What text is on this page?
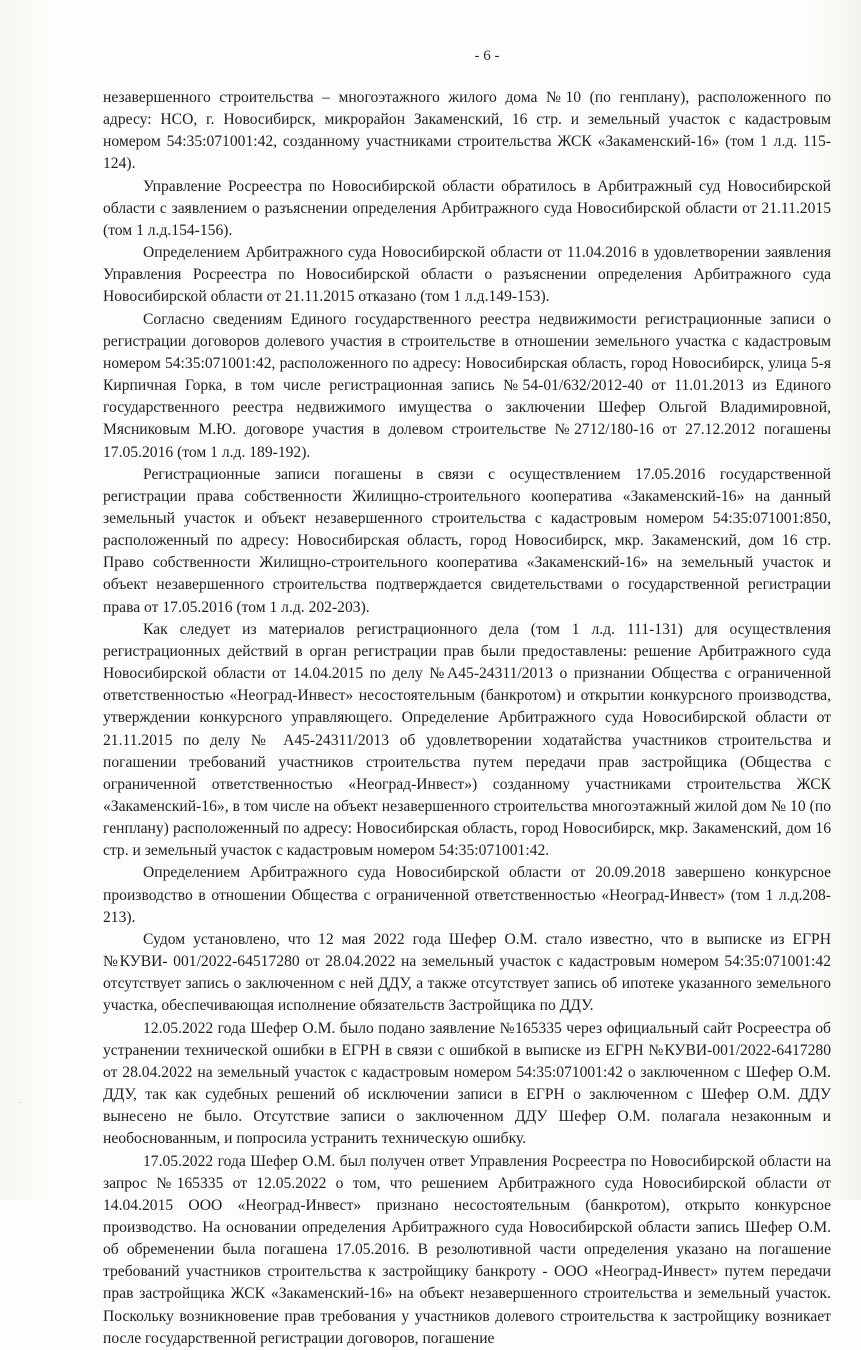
- 6 -

незавершенного строительства – многоэтажного жилого дома №10 (по генплану), расположенного по адресу: НСО, г. Новосибирск, микрорайон Закаменский, 16 стр. и земельный участок с кадастровым номером 54:35:071001:42, созданному участниками строительства ЖСК «Закаменский-16» (том 1 л.д. 115-124).

Управление Росреестра по Новосибирской области обратилось в Арбитражный суд Новосибирской области с заявлением о разъяснении определения Арбитражного суда Новосибирской области от 21.11.2015 (том 1 л.д.154-156).

Определением Арбитражного суда Новосибирской области от 11.04.2016 в удовлетворении заявления Управления Росреестра по Новосибирской области о разъяснении определения Арбитражного суда Новосибирской области от 21.11.2015 отказано (том 1 л.д.149-153).

Согласно сведениям Единого государственного реестра недвижимости регистрационные записи о регистрации договоров долевого участия в строительстве в отношении земельного участка с кадастровым номером 54:35:071001:42, расположенного по адресу: Новосибирская область, город Новосибирск, улица 5-я Кирпичная Горка, в том числе регистрационная запись №54-01/632/2012-40 от 11.01.2013 из Единого государственного реестра недвижимого имущества о заключении Шефер Ольгой Владимировной, Мясниковым М.Ю. договоре участия в долевом строительстве №2712/180-16 от 27.12.2012 погашены 17.05.2016 (том 1 л.д. 189-192).

Регистрационные записи погашены в связи с осуществлением 17.05.2016 государственной регистрации права собственности Жилищно-строительного кооператива «Закаменский-16» на данный земельный участок и объект незавершенного строительства с кадастровым номером 54:35:071001:850, расположенный по адресу: Новосибирская область, город Новосибирск, мкр. Закаменский, дом 16 стр. Право собственности Жилищно-строительного кооператива «Закаменский-16» на земельный участок и объект незавершенного строительства подтверждается свидетельствами о государственной регистрации права от 17.05.2016 (том 1 л.д. 202-203).

Как следует из материалов регистрационного дела (том 1 л.д. 111-131) для осуществления регистрационных действий в орган регистрации прав были предоставлены: решение Арбитражного суда Новосибирской области от 14.04.2015 по делу №А45-24311/2013 о признании Общества с ограниченной ответственностью «Неоград-Инвест» несостоятельным (банкротом) и открытии конкурсного производства, утверждении конкурсного управляющего. Определение Арбитражного суда Новосибирской области от 21.11.2015 по делу № А45-24311/2013 об удовлетворении ходатайства участников строительства и погашении требований участников строительства путем передачи прав застройщика (Общества с ограниченной ответственностью «Неоград-Инвест») созданному участниками строительства ЖСК «Закаменский-16», в том числе на объект незавершенного строительства многоэтажный жилой дом № 10 (по генплану) расположенный по адресу: Новосибирская область, город Новосибирск, мкр. Закаменский, дом 16 стр. и земельный участок с кадастровым номером 54:35:071001:42.

Определением Арбитражного суда Новосибирской области от 20.09.2018 завершено конкурсное производство в отношении Общества с ограниченной ответственностью «Неоград-Инвест» (том 1 л.д.208-213).

Судом установлено, что 12 мая 2022 года Шефер О.М. стало известно, что в выписке из ЕГРН №КУВИ- 001/2022-64517280 от 28.04.2022 на земельный участок с кадастровым номером 54:35:071001:42 отсутствует запись о заключенном с ней ДДУ, а также отсутствует запись об ипотеке указанного земельного участка, обеспечивающая исполнение обязательств Застройщика по ДДУ.

12.05.2022 года Шефер О.М. было подано заявление №165335 через официальный сайт Росреестра об устранении технической ошибки в ЕГРН в связи с ошибкой в выписке из ЕГРН №КУВИ-001/2022-6417280 от 28.04.2022 на земельный участок с кадастровым номером 54:35:071001:42 о заключенном с Шефер О.М. ДДУ, так как судебных решений об исключении записи в ЕГРН о заключенном с Шефер О.М. ДДУ вынесено не было. Отсутствие записи о заключенном ДДУ Шефер О.М. полагала незаконным и необоснованным, и попросила устранить техническую ошибку.

17.05.2022 года Шефер О.М. был получен ответ Управления Росреестра по Новосибирской области на запрос №165335 от 12.05.2022 о том, что решением Арбитражного суда Новосибирской области от 14.04.2015 ООО «Неоград-Инвест» признано несостоятельным (банкротом), открыто конкурсное производство. На основании определения Арбитражного суда Новосибирской области запись Шефер О.М. об обременении была погашена 17.05.2016. В резолютивной части определения указано на погашение требований участников строительства к застройщику банкроту - ООО «Неоград-Инвест» путем передачи прав застройщика ЖСК «Закаменский-16» на объект незавершенного строительства и земельный участок. Поскольку возникновение прав требования у участников долевого строительства к застройщику возникает после государственной регистрации договоров, погашение

·
